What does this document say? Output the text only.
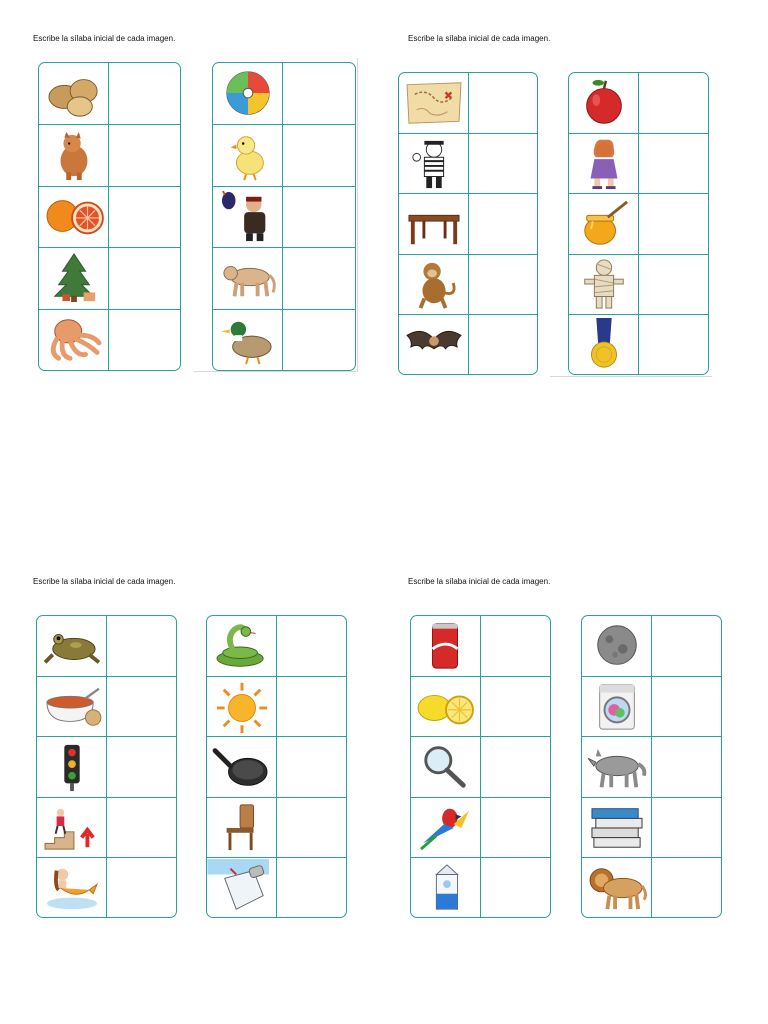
Escribe la sílaba inicial de cada imagen.	Escribe la sílaba inicial de cada imagen.
Escribe la sílaba inicial de cada imagen.	Escribe la sílaba inicial de cada imagen.
